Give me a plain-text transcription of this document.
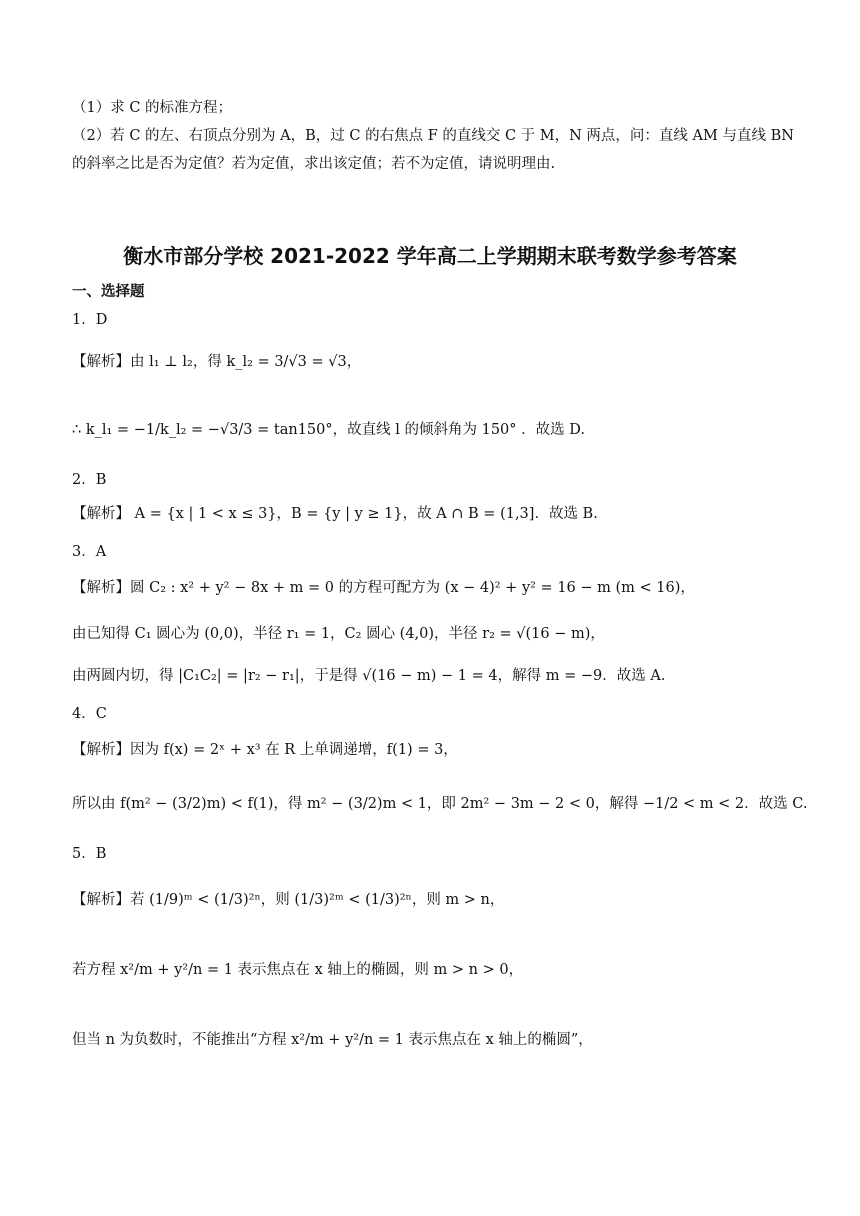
（1）求 C 的标准方程；
（2）若 C 的左、右顶点分别为 A，B，过 C 的右焦点 F 的直线交 C 于 M，N 两点，问：直线 AM 与直线 BN
的斜率之比是否为定值？若为定值，求出该定值；若不为定值，请说明理由.
衡水市部分学校 2021-2022 学年高二上学期期末联考数学参考答案
一、选择题
1．D
【解析】由 l₁ ⊥ l₂，得 k_l₂ = 3/√3 = √3，
∴ k_l₁ = −1/k_l₂ = −√3/3 = tan150°，故直线 l 的倾斜角为 150° ．故选 D.
2．B
【解析】 A = {x | 1 < x ≤ 3}，B = {y | y ≥ 1}，故 A ∩ B = (1,3]．故选 B.
3．A
【解析】圆 C₂ : x² + y² − 8x + m = 0 的方程可配方为 (x − 4)² + y² = 16 − m (m < 16)，
由已知得 C₁ 圆心为 (0,0)，半径 r₁ = 1，C₂ 圆心 (4,0)，半径 r₂ = √(16 − m)，
由两圆内切，得 |C₁C₂| = |r₂ − r₁|，于是得 √(16 − m) − 1 = 4，解得 m = −9．故选 A.
4．C
【解析】因为 f(x) = 2ˣ + x³ 在 R 上单调递增，f(1) = 3，
所以由 f(m² − (3/2)m) < f(1)，得 m² − (3/2)m < 1，即 2m² − 3m − 2 < 0，解得 −1/2 < m < 2．故选 C.
5．B
【解析】若 (1/9)ᵐ < (1/3)²ⁿ，则 (1/3)²ᵐ < (1/3)²ⁿ，则 m > n，
若方程 x²/m + y²/n = 1 表示焦点在 x 轴上的椭圆，则 m > n > 0，
但当 n 为负数时，不能推出“方程 x²/m + y²/n = 1 表示焦点在 x 轴上的椭圆”，
